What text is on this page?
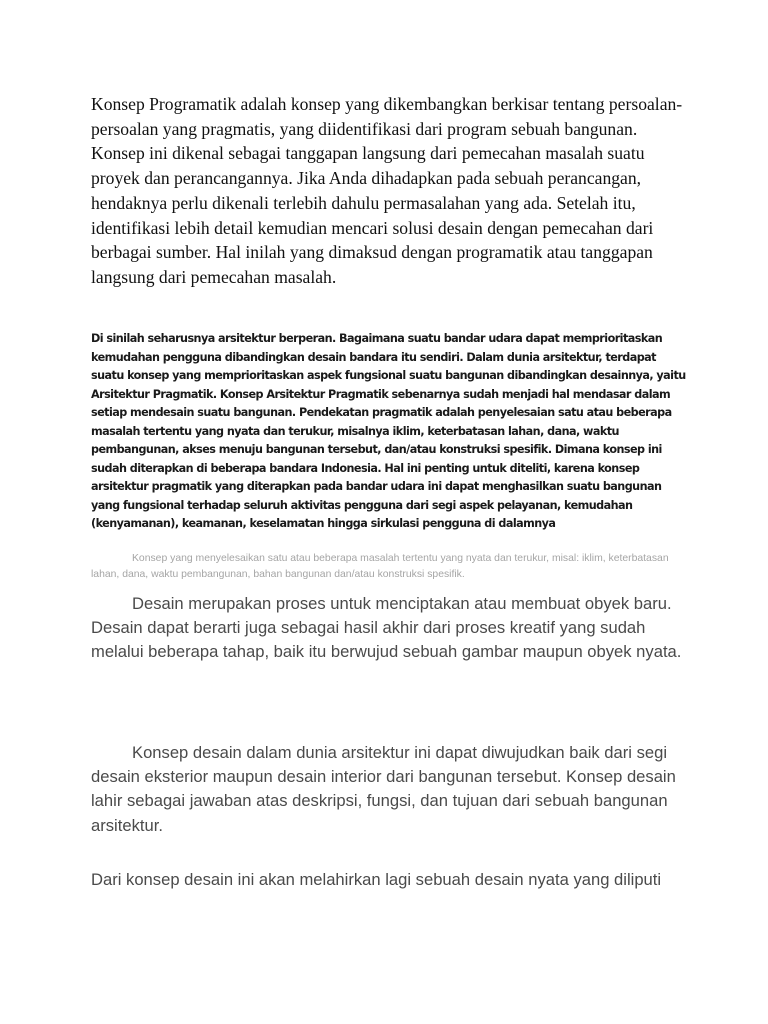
Konsep Programatik adalah konsep yang dikembangkan berkisar tentang persoalan-persoalan yang pragmatis, yang diidentifikasi dari program sebuah bangunan. Konsep ini dikenal sebagai tanggapan langsung dari pemecahan masalah suatu proyek dan perancangannya. Jika Anda dihadapkan pada sebuah perancangan, hendaknya perlu dikenali terlebih dahulu permasalahan yang ada. Setelah itu, identifikasi lebih detail kemudian mencari solusi desain dengan pemecahan dari berbagai sumber. Hal inilah yang dimaksud dengan programatik atau tanggapan langsung dari pemecahan masalah.

Di sinilah seharusnya arsitektur berperan. Bagaimana suatu bandar udara dapat memprioritaskan kemudahan pengguna dibandingkan desain bandara itu sendiri. Dalam dunia arsitektur, terdapat suatu konsep yang memprioritaskan aspek fungsional suatu bangunan dibandingkan desainnya, yaitu Arsitektur Pragmatik. Konsep Arsitektur Pragmatik sebenarnya sudah menjadi hal mendasar dalam setiap mendesain suatu bangunan. Pendekatan pragmatik adalah penyelesaian satu atau beberapa masalah tertentu yang nyata dan terukur, misalnya iklim, keterbatasan lahan, dana, waktu pembangunan, akses menuju bangunan tersebut, dan/atau konstruksi spesifik. Dimana konsep ini sudah diterapkan di beberapa bandara Indonesia. Hal ini penting untuk diteliti, karena konsep arsitektur pragmatik yang diterapkan pada bandar udara ini dapat menghasilkan suatu bangunan yang fungsional terhadap seluruh aktivitas pengguna dari segi aspek pelayanan, kemudahan (kenyamanan), keamanan, keselamatan hingga sirkulasi pengguna di dalamnya

Konsep yang menyelesaikan satu atau beberapa masalah tertentu yang nyata dan terukur, misal: iklim, keterbatasan lahan, dana, waktu pembangunan, bahan bangunan dan/atau konstruksi spesifik.

Desain merupakan proses untuk menciptakan atau membuat obyek baru. Desain dapat berarti juga sebagai hasil akhir dari proses kreatif yang sudah melalui beberapa tahap, baik itu berwujud sebuah gambar maupun obyek nyata.

Konsep desain dalam dunia arsitektur ini dapat diwujudkan baik dari segi desain eksterior maupun desain interior dari bangunan tersebut. Konsep desain lahir sebagai jawaban atas deskripsi, fungsi, dan tujuan dari sebuah bangunan arsitektur.

Dari konsep desain ini akan melahirkan lagi sebuah desain nyata yang diliputi
